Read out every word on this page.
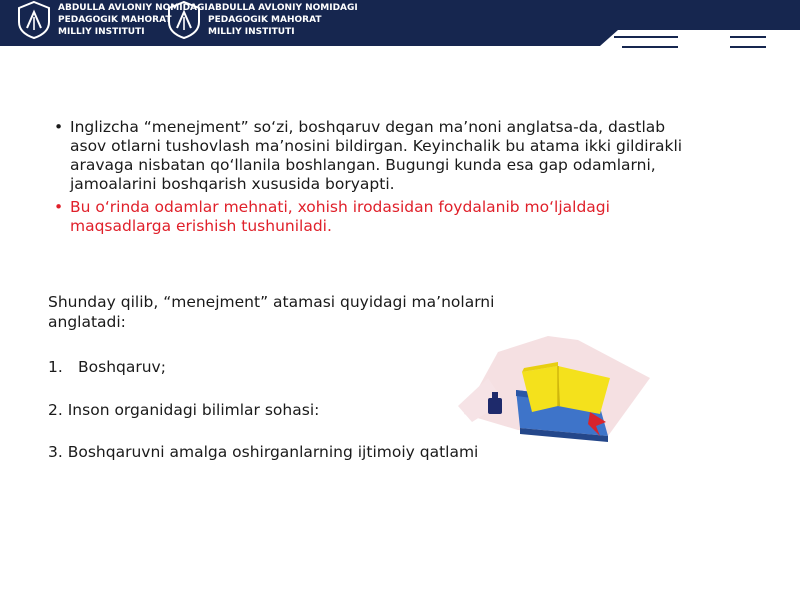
ABDULLA AVLONIY NOMIDAGI
PEDAGOGIK MAHORAT
MILLIY INSTITUTI
ABDULLA AVLONIY NOMIDAGI
PEDAGOGIK MAHORAT
MILLIY INSTITUTI
• Inglizcha “menejment” so‘zi, boshqaruv degan ma’noni anglatsa-da, dastlab asov otlarni tushovlash ma’nosini bildirgan. Keyinchalik bu atama ikki gildirakli aravaga nisbatan qo‘llanila boshlangan. Bugungi kunda esa gap odamlarni, jamoalarini boshqarish xususida boryapti.
• Bu o‘rinda odamlar mehnati, xohish irodasidan foydalanib mo‘ljaldagi maqsadlarga erishish tushuniladi.

Shunday qilib, “menejment” atamasi quyidagi ma’nolarni anglatadi:

1. Boshqaruv;
2. Inson organidagi bilimlar sohasi:
3. Boshqaruvni amalga oshirganlarning ijtimoiy qatlami
